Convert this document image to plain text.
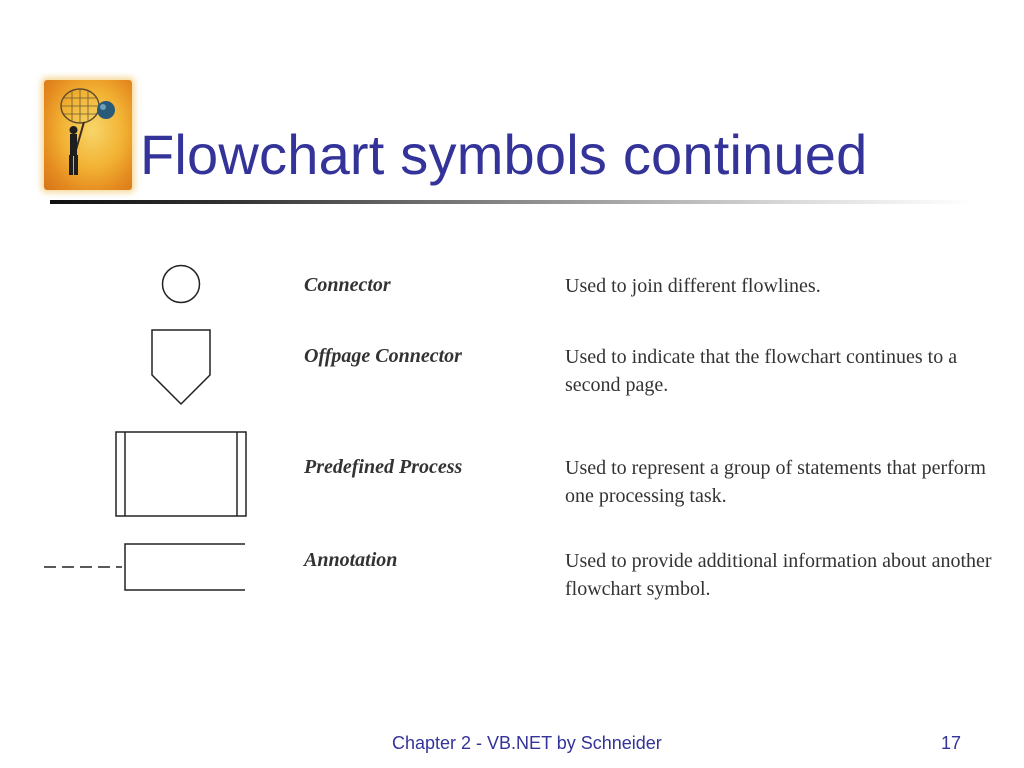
Flowchart symbols continued
Connector	Used to join different flowlines.
Offpage Connector	Used to indicate that the flowchart continues to a second page.
Predefined Process	Used to represent a group of statements that perform one processing task.
Annotation	Used to provide additional information about another flowchart symbol.
Chapter 2 - VB.NET by Schneider	17
